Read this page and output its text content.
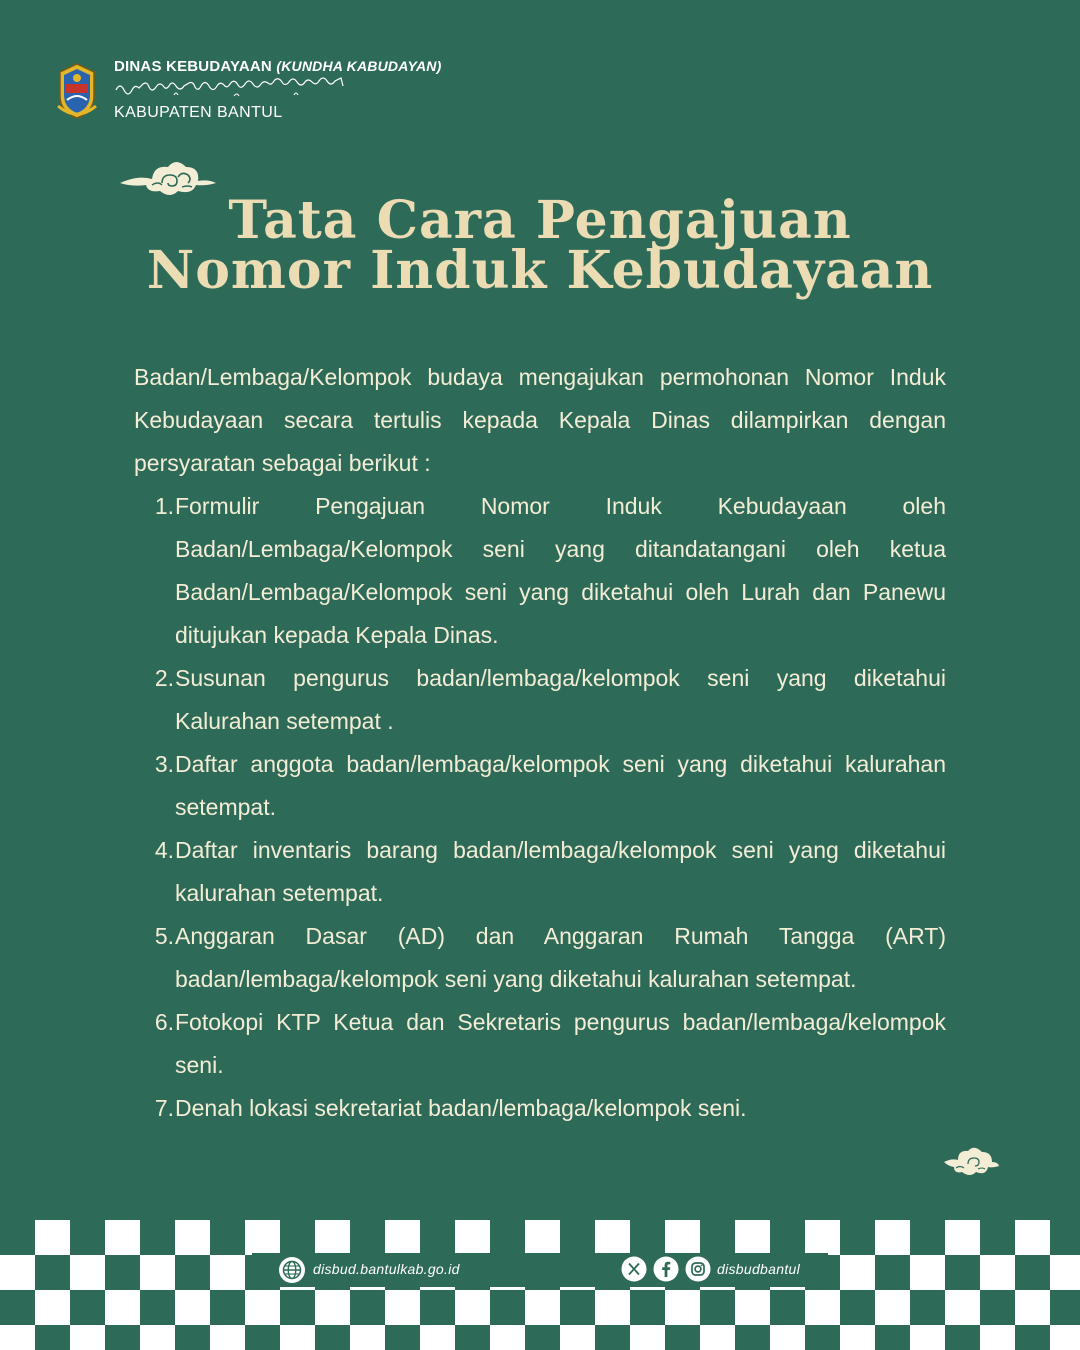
DINAS KEBUDAYAAN (KUNDHA KABUDAYAN)
KABUPATEN BANTUL
Tata Cara Pengajuan
Nomor Induk Kebudayaan

Badan/Lembaga/Kelompok budaya mengajukan permohonan Nomor Induk Kebudayaan secara tertulis kepada Kepala Dinas dilampirkan dengan persyaratan sebagai berikut :

1. Formulir Pengajuan Nomor Induk Kebudayaan oleh Badan/Lembaga/Kelompok seni yang ditandatangani oleh ketua Badan/Lembaga/Kelompok seni yang diketahui oleh Lurah dan Panewu ditujukan kepada Kepala Dinas.
2. Susunan pengurus badan/lembaga/kelompok seni yang diketahui Kalurahan setempat .
3. Daftar anggota badan/lembaga/kelompok seni yang diketahui kalurahan setempat.
4. Daftar inventaris barang badan/lembaga/kelompok seni yang diketahui kalurahan setempat.
5. Anggaran Dasar (AD) dan Anggaran Rumah Tangga (ART) badan/lembaga/kelompok seni yang diketahui kalurahan setempat.
6. Fotokopi KTP Ketua dan Sekretaris pengurus badan/lembaga/kelompok seni.
7. Denah lokasi sekretariat badan/lembaga/kelompok seni.
disbud.bantulkab.go.id	disbudbantul
